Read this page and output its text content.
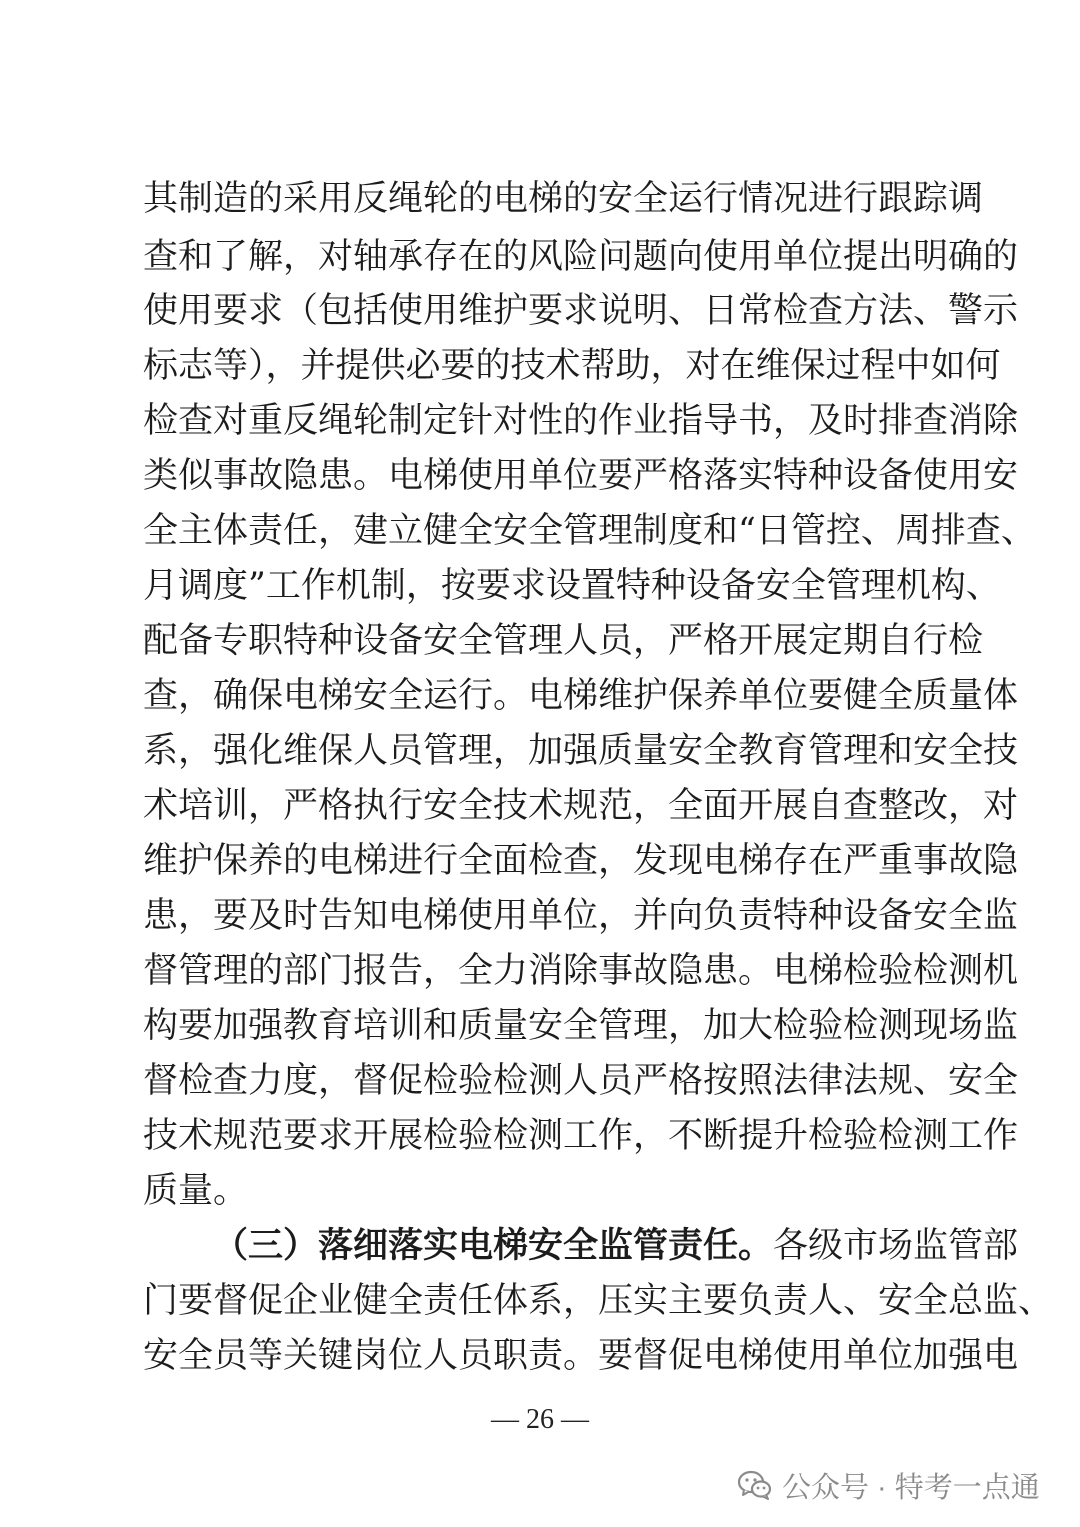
其制造的采用反绳轮的电梯的安全运行情况进行跟踪调
查和了解，对轴承存在的风险问题向使用单位提出明确的
使用要求（包括使用维护要求说明、日常检查方法、警示
标志等），并提供必要的技术帮助，对在维保过程中如何
检查对重反绳轮制定针对性的作业指导书，及时排查消除
类似事故隐患。电梯使用单位要严格落实特种设备使用安
全主体责任，建立健全安全管理制度和“日管控、周排查、
月调度”工作机制，按要求设置特种设备安全管理机构、
配备专职特种设备安全管理人员，严格开展定期自行检
查，确保电梯安全运行。电梯维护保养单位要健全质量体
系，强化维保人员管理，加强质量安全教育管理和安全技
术培训，严格执行安全技术规范，全面开展自查整改，对
维护保养的电梯进行全面检查，发现电梯存在严重事故隐
患，要及时告知电梯使用单位，并向负责特种设备安全监
督管理的部门报告，全力消除事故隐患。电梯检验检测机
构要加强教育培训和质量安全管理，加大检验检测现场监
督检查力度，督促检验检测人员严格按照法律法规、安全
技术规范要求开展检验检测工作，不断提升检验检测工作
质量。
（三）落细落实电梯安全监管责任。各级市场监管部
门要督促企业健全责任体系，压实主要负责人、安全总监、
安全员等关键岗位人员职责。要督促电梯使用单位加强电
— 26 —
公众号 · 特考一点通
